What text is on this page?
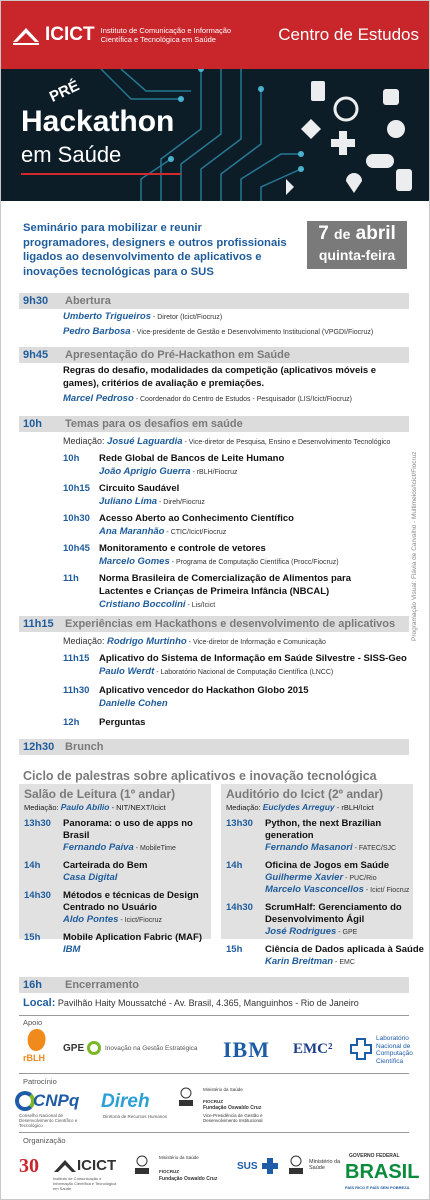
ICICT Instituto de Comunicação e Informação
Científica e Tecnológica em Saúde	Centro de Estudos
PRÉ
Hackathon
em Saúde

Seminário para mobilizar e reunir
programadores, designers e outros profissionais
ligados ao desenvolvimento de aplicativos e
inovações tecnológicas para o SUS

7 de abril
quinta-feira
9h30	Abertura
Umberto Trigueiros - Diretor (Icict/Fiocruz)
Pedro Barbosa - Vice-presidente de Gestão e Desenvolvimento Institucional (VPGDI/Fiocruz)
9h45	Apresentação do Pré-Hackathon em Saúde
Regras do desafio, modalidades da competição (aplicativos móveis e
games), critérios de avaliação e premiações.
Marcel Pedroso - Coordenador do Centro de Estudos - Pesquisador (LIS/Icict/Fiocruz)
10h	Temas para os desafios em saúde
Mediação: Josué Laguardia - Vice-diretor de Pesquisa, Ensino e Desenvolvimento Tecnológico
11h15	Experiências em Hackathons e desenvolvimento de aplicativos
Mediação: Rodrigo Murtinho - Vice-diretor de Informação e Comunicação
12h30 Brunch
Ciclo de palestras sobre aplicativos e inovação tecnológica
Salão de Leitura (1º andar)
Mediação: Paulo Abílio - NIT/NEXT/Icict
13h30 Panorama: o uso de apps no
Brasil
Fernando Paiva - MobileTime
14h Carteirada do Bem
Casa Digital
14h30 Métodos e técnicas de Design
Centrado no Usuário
Aldo Pontes - Icict/Fiocruz
15h Mobile Aplication Fabric (MAF)
IBM
Auditório do Icict (2º andar)
Mediação: Euclydes Arreguy - rBLH/Icict
13h30 Python, the next Brazilian
generation
Fernando Masanori - FATEC/SJC
14h Oficina de Jogos em Saúde
Guilherme Xavier - PUC/Rio
Marcelo Vasconcellos - Icict/ Fiocruz
14h30 ScrumHalf: Gerenciamento do
Desenvolvimento Ágil
José Rodrigues - GPE
15h Ciência de Dados aplicada à Saúde
Karin Breitman - EMC
16h	Encerramento
Local: Pavilhão Haity Moussatché - Av. Brasil, 4.365, Manguinhos - Rio de Janeiro
Programação Visual: Flávia de Carvalho - Multimeios/Icict/Fiocruz
Apoio
rBLH
GPE	Inovação na Gestão Estratégica IBM EMC²
Laboratório Nacional de Computação Científica
Patrocínio
CNPq
Conselho Nacional de Desenvolvimento Científico e Tecnológico
Direh
Diretoria de Recursos Humanos
Ministério da Saúde
FIOCRUZ
Fundação Oswaldo Cruz
Vice-Presidência de Gestão e Desenvolvimento Institucional
Organização
30	ICICT
Instituto de Comunicação e Informação Científica e Tecnológica em Saúde
Ministério da Saúde
FIOCRUZ
Fundação Oswaldo Cruz
SUS	Ministério da Saúde
GOVERNO FEDERAL
BRASIL
PAÍS RICO É PAÍS SEM POBREZA
10h Rede Global de Bancos de Leite Humano
João Aprigio Guerra - rBLH/Fiocruz
10h15 Circuito Saudável
Juliano Lima - Direh/Fiocruz
10h30 Acesso Aberto ao Conhecimento Científico
Ana Maranhão - CTIC/Icict/Fiocruz
10h45 Monitoramento e controle de vetores
Marcelo Gomes - Programa de Computação Científica (Procc/Fiocruz)
11h Norma Brasileira de Comercialização de Alimentos para
Lactentes e Crianças de Primeira Infância (NBCAL)
Cristiano Boccolini - Lis/Icict
11h15 Aplicativo do Sistema de Informação em Saúde Silvestre - SISS-Geo
Paulo Werdt - Laboratório Nacional de Computação Científica (LNCC)
11h30 Aplicativo vencedor do Hackathon Globo 2015
Danielle Cohen
12h Perguntas
